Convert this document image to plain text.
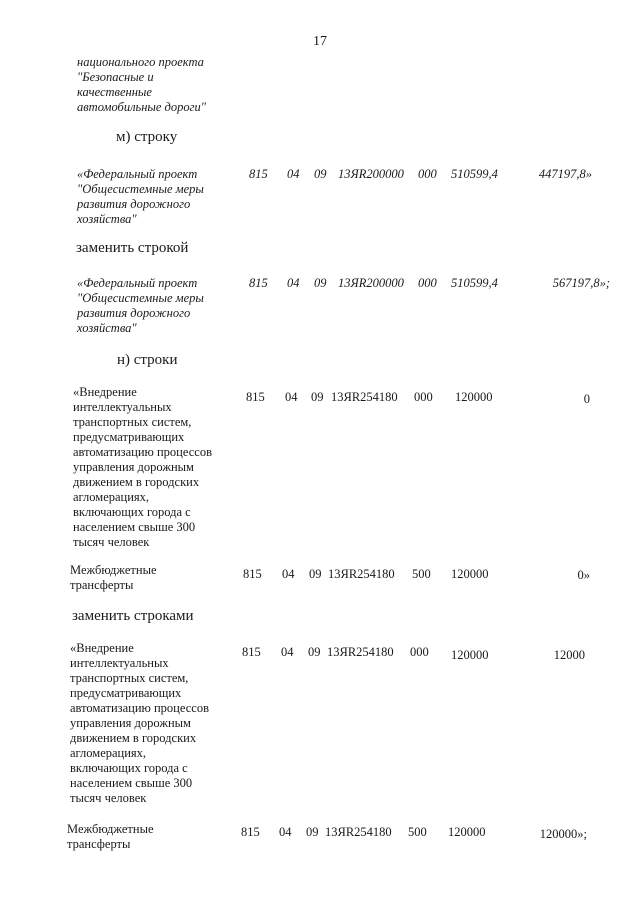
17
национального проекта
"Безопасные и
качественные
автомобильные дороги"
м) строку
«Федеральный проект
"Общесистемные меры
развития дорожного
хозяйства"
815 04 09 13ЯR200000 000 510599,4	447197,8»
заменить строкой
«Федеральный проект
"Общесистемные меры
развития дорожного
хозяйства"
815 04 09 13ЯR200000 000 510599,4	567197,8»;
н) строки
«Внедрение
интеллектуальных
транспортных систем,
предусматривающих
автоматизацию процессов
управления дорожным
движением в городских
агломерациях,
включающих города с
населением свыше 300
тысяч человек
815 04 09 13ЯR254180 000 120000	0
Межбюджетные
трансферты
815 04 09 13ЯR254180 500 120000	0»
заменить строками
«Внедрение
интеллектуальных
транспортных систем,
предусматривающих
автоматизацию процессов
управления дорожным
движением в городских
агломерациях,
включающих города с
населением свыше 300
тысяч человек
815 04 09 13ЯR254180 000 120000	12000
Межбюджетные
трансферты
815 04 09 13ЯR254180 500 120000	120000»;
